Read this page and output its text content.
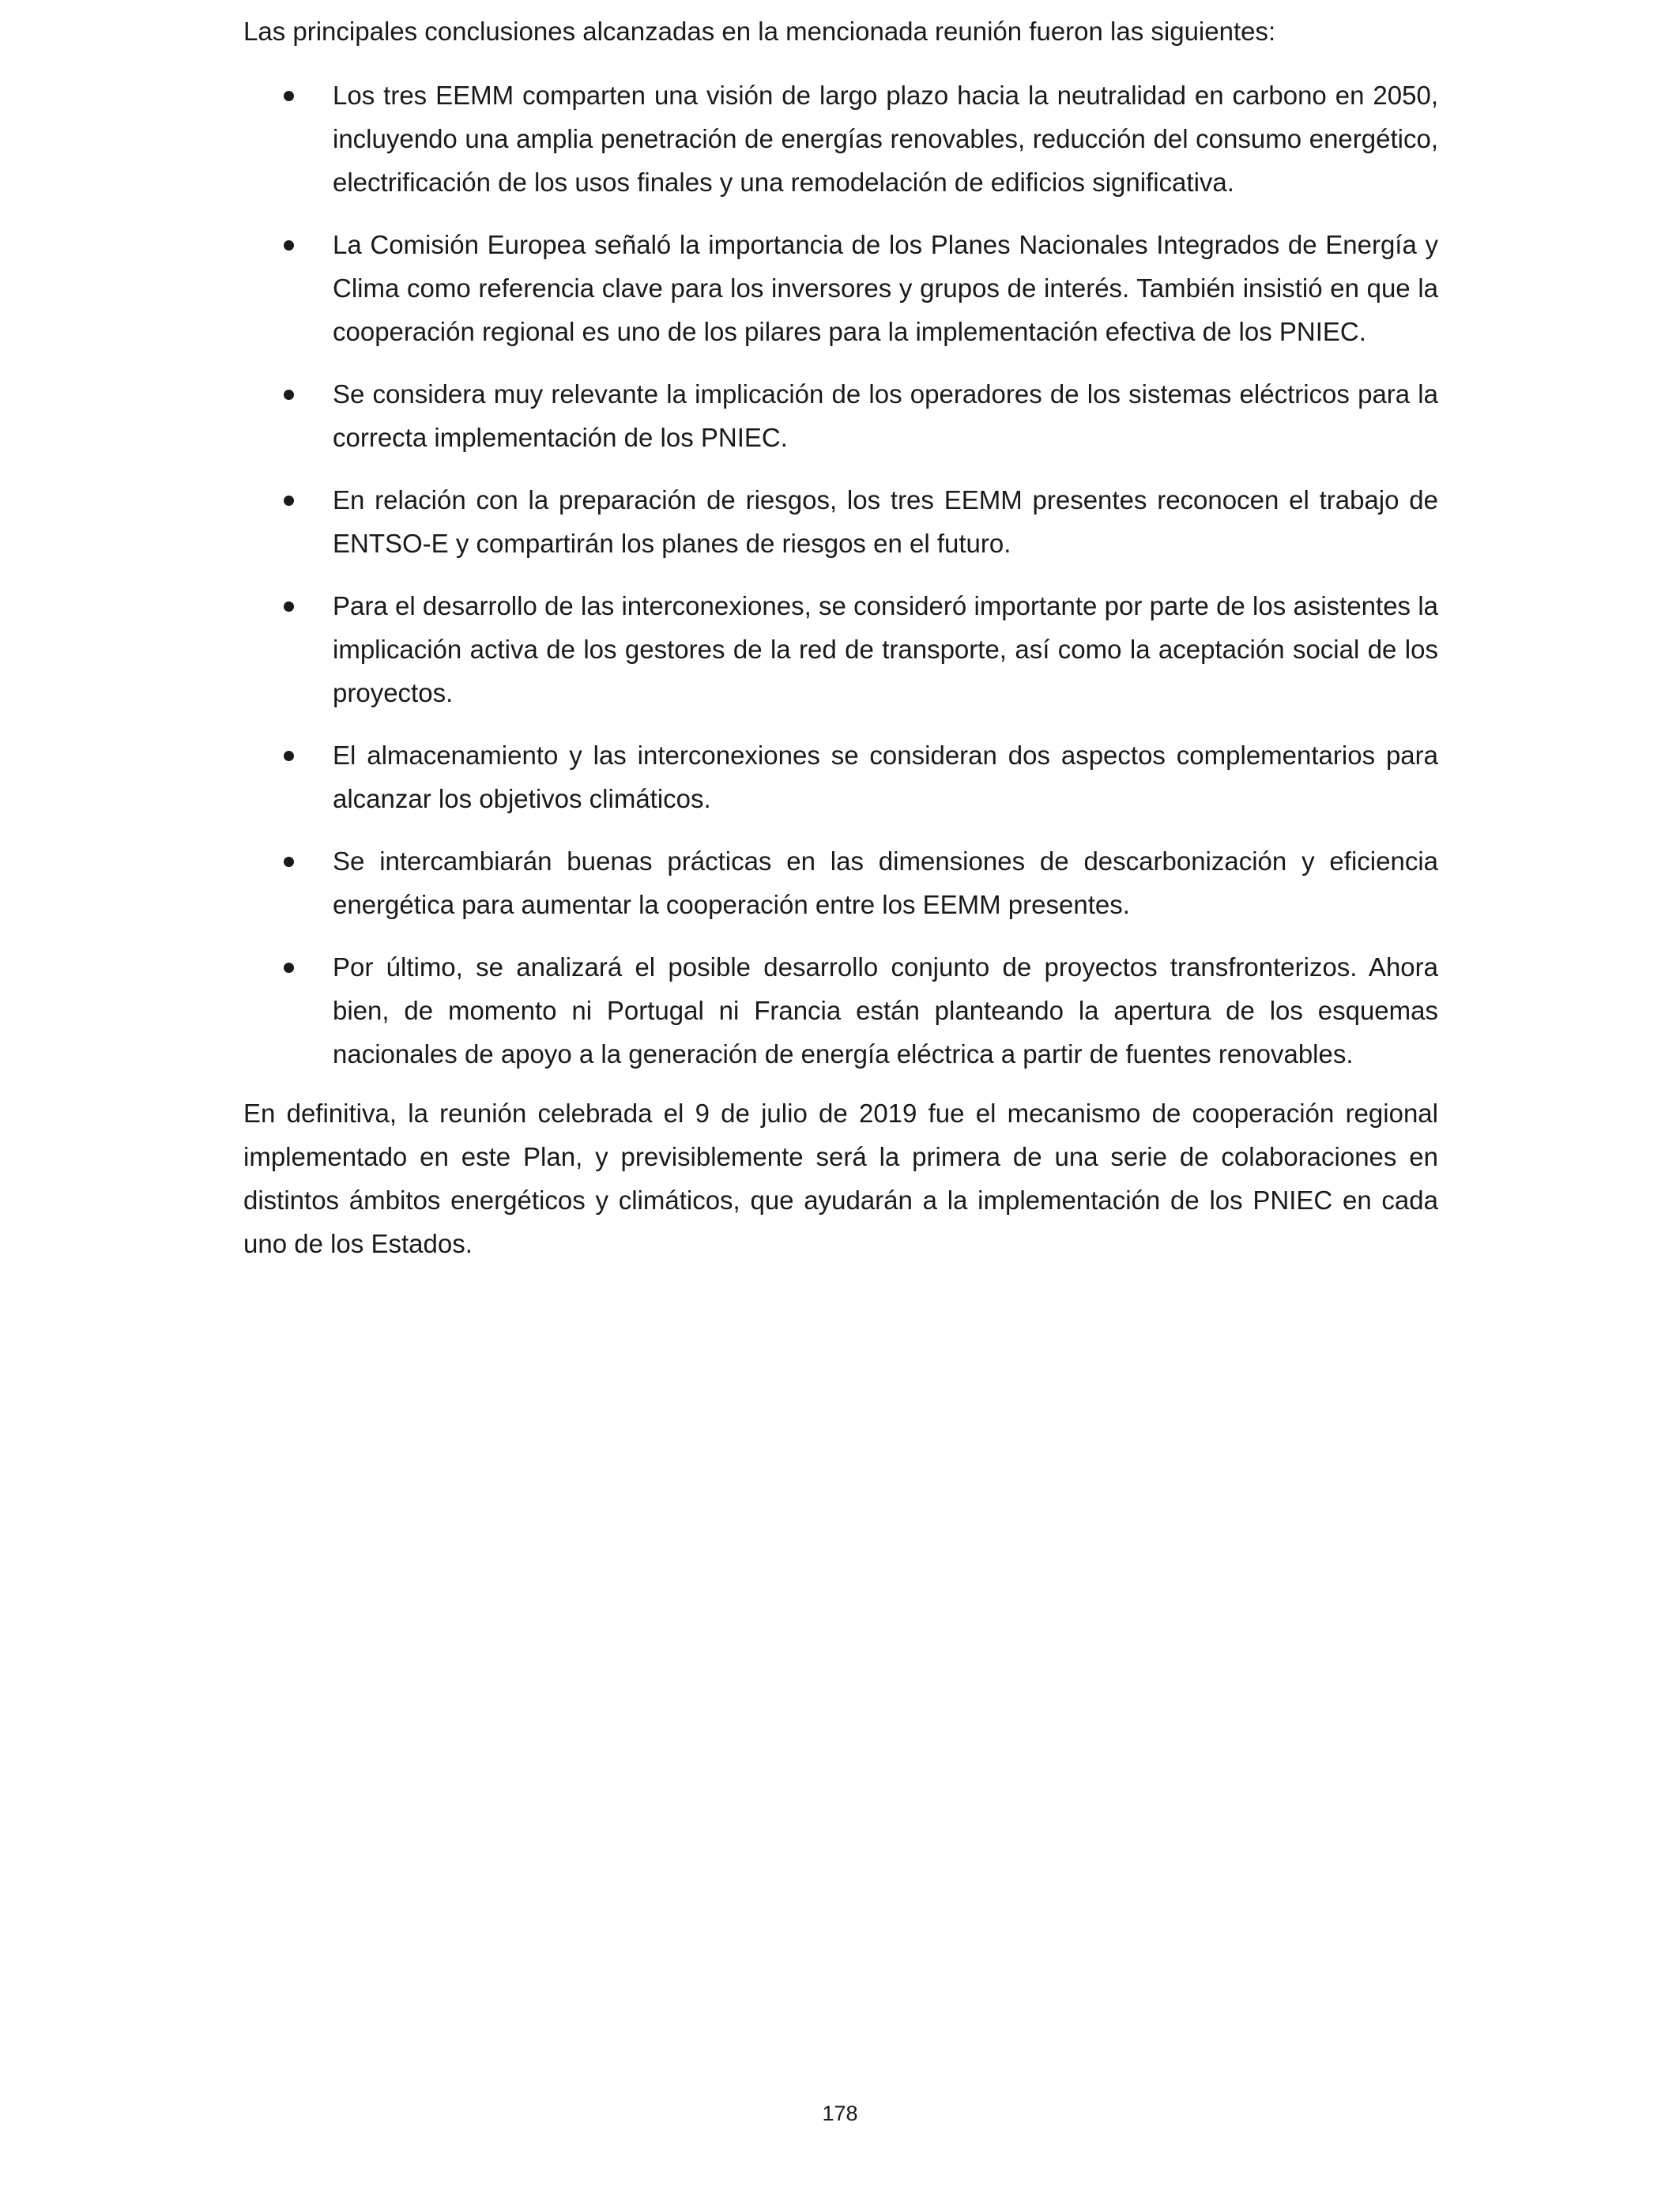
Las principales conclusiones alcanzadas en la mencionada reunión fueron las siguientes:

Los tres EEMM comparten una visión de largo plazo hacia la neutralidad en carbono en 2050, incluyendo una amplia penetración de energías renovables, reducción del consumo energético, electrificación de los usos finales y una remodelación de edificios significativa.
La Comisión Europea señaló la importancia de los Planes Nacionales Integrados de Energía y Clima como referencia clave para los inversores y grupos de interés. También insistió en que la cooperación regional es uno de los pilares para la implementación efectiva de los PNIEC.
Se considera muy relevante la implicación de los operadores de los sistemas eléctricos para la correcta implementación de los PNIEC.
En relación con la preparación de riesgos, los tres EEMM presentes reconocen el trabajo de ENTSO-E y compartirán los planes de riesgos en el futuro.
Para el desarrollo de las interconexiones, se consideró importante por parte de los asistentes la implicación activa de los gestores de la red de transporte, así como la aceptación social de los proyectos.
El almacenamiento y las interconexiones se consideran dos aspectos complementarios para alcanzar los objetivos climáticos.
Se intercambiarán buenas prácticas en las dimensiones de descarbonización y eficiencia energética para aumentar la cooperación entre los EEMM presentes.
Por último, se analizará el posible desarrollo conjunto de proyectos transfronterizos. Ahora bien, de momento ni Portugal ni Francia están planteando la apertura de los esquemas nacionales de apoyo a la generación de energía eléctrica a partir de fuentes renovables.

En definitiva, la reunión celebrada el 9 de julio de 2019 fue el mecanismo de cooperación regional implementado en este Plan, y previsiblemente será la primera de una serie de colaboraciones en distintos ámbitos energéticos y climáticos, que ayudarán a la implementación de los PNIEC en cada uno de los Estados.

178
